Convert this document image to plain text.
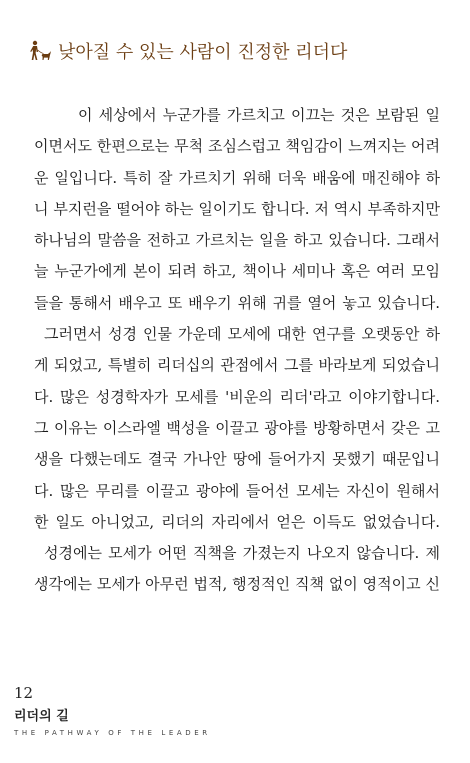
낮아질 수 있는 사람이 진정한 리더다
이 세상에서 누군가를 가르치고 이끄는 것은 보람된 일
이면서도 한편으로는 무척 조심스럽고 책임감이 느껴지는 어려
운 일입니다. 특히 잘 가르치기 위해 더욱 배움에 매진해야 하
니 부지런을 떨어야 하는 일이기도 합니다. 저 역시 부족하지만
하나님의 말씀을 전하고 가르치는 일을 하고 있습니다. 그래서
늘 누군가에게 본이 되려 하고, 책이나 세미나 혹은 여러 모임
들을 통해서 배우고 또 배우기 위해 귀를 열어 놓고 있습니다.
그러면서 성경 인물 가운데 모세에 대한 연구를 오랫동안 하
게 되었고, 특별히 리더십의 관점에서 그를 바라보게 되었습니
다. 많은 성경학자가 모세를 '비운의 리더'라고 이야기합니다.
그 이유는 이스라엘 백성을 이끌고 광야를 방황하면서 갖은 고
생을 다했는데도 결국 가나안 땅에 들어가지 못했기 때문입니
다. 많은 무리를 이끌고 광야에 들어선 모세는 자신이 원해서
한 일도 아니었고, 리더의 자리에서 얻은 이득도 없었습니다.
성경에는 모세가 어떤 직책을 가졌는지 나오지 않습니다. 제
생각에는 모세가 아무런 법적, 행정적인 직책 없이 영적이고 신
12
리더의 길
THE PATHWAY OF THE LEADER
